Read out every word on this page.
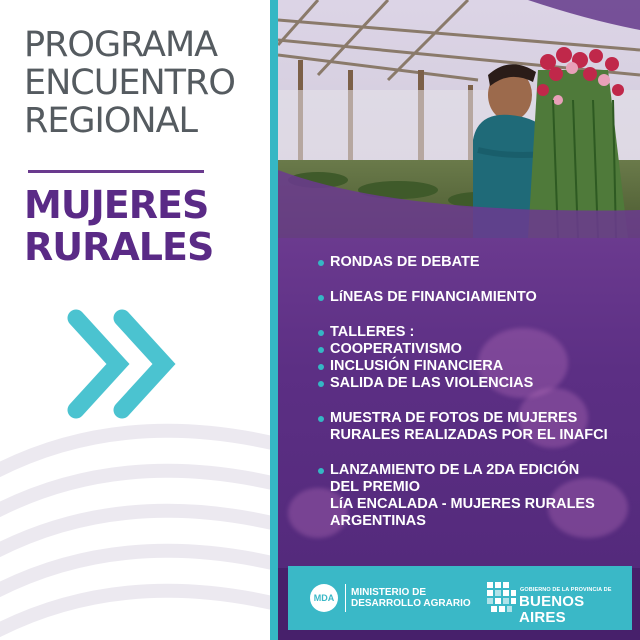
PROGRAMA
ENCUENTRO
REGIONAL
MUJERES
RURALES	RONDAS DE DEBATE
LíNEAS DE FINANCIAMIENTO
TALLERES :
COOPERATIVISMO
INCLUSIÓN FINANCIERA
SALIDA DE LAS VIOLENCIAS
MUESTRA DE FOTOS DE MUJERES
RURALES REALIZADAS POR EL INAFCI
LANZAMIENTO DE LA 2DA EDICIÓN
DEL PREMIO
LíA ENCALADA - MUJERES RURALES
ARGENTINAS
MDA	MINISTERIO DE
DESARROLLO AGRARIO
GOBIERNO DE LA PROVINCIA DE
BUENOS AIRES
